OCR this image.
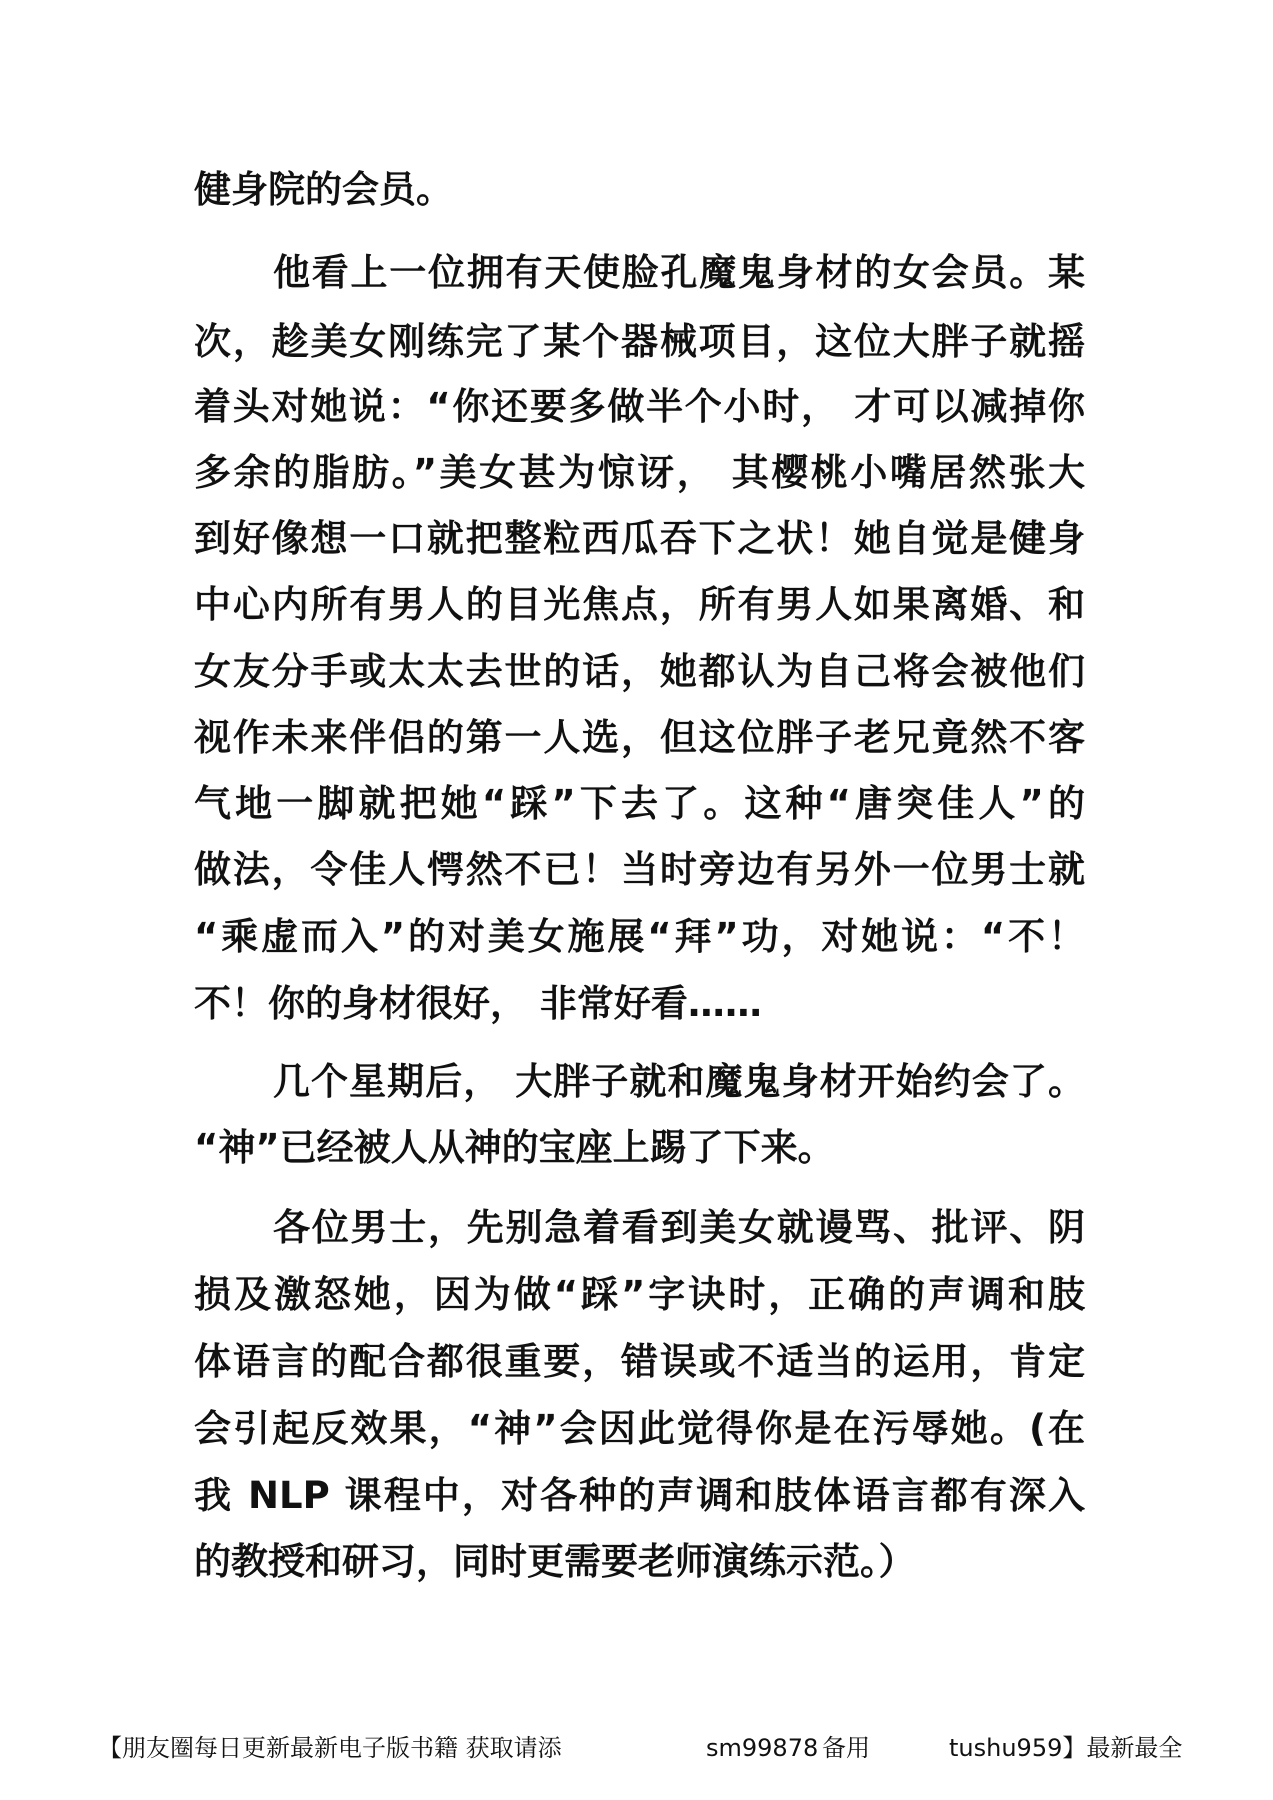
健身院的会员。
他看上一位拥有天使脸孔魔鬼身材的女会员。某
次，趁美女刚练完了某个器械项目，这位大胖子就摇
着头对她说：“你还要多做半个小时， 才可以减掉你
多余的脂肪。”美女甚为惊讶， 其樱桃小嘴居然张大
到好像想一口就把整粒西瓜吞下之状！她自觉是健身
中心内所有男人的目光焦点，所有男人如果离婚、和
女友分手或太太去世的话，她都认为自己将会被他们
视作未来伴侣的第一人选，但这位胖子老兄竟然不客
气地一脚就把她“踩”下去了。这种“唐突佳人”的
做法，令佳人愕然不已！当时旁边有另外一位男士就
“乘虚而入”的对美女施展“拜”功，对她说：“不！
不！你的身材很好， 非常好看……
几个星期后， 大胖子就和魔鬼身材开始约会了。
“神”已经被人从神的宝座上踢了下来。
各位男士，先别急着看到美女就谩骂、批评、阴
损及激怒她，因为做“踩”字诀时，正确的声调和肢
体语言的配合都很重要，错误或不适当的运用，肯定
会引起反效果，“神”会因此觉得你是在污辱她。(在
我 NLP 课程中，对各种的声调和肢体语言都有深入
的教授和研习，同时更需要老师演练示范。）
【朋友圈每日更新最新电子版书籍 获取请添	sm99878 备用	tushu959】最新最全
